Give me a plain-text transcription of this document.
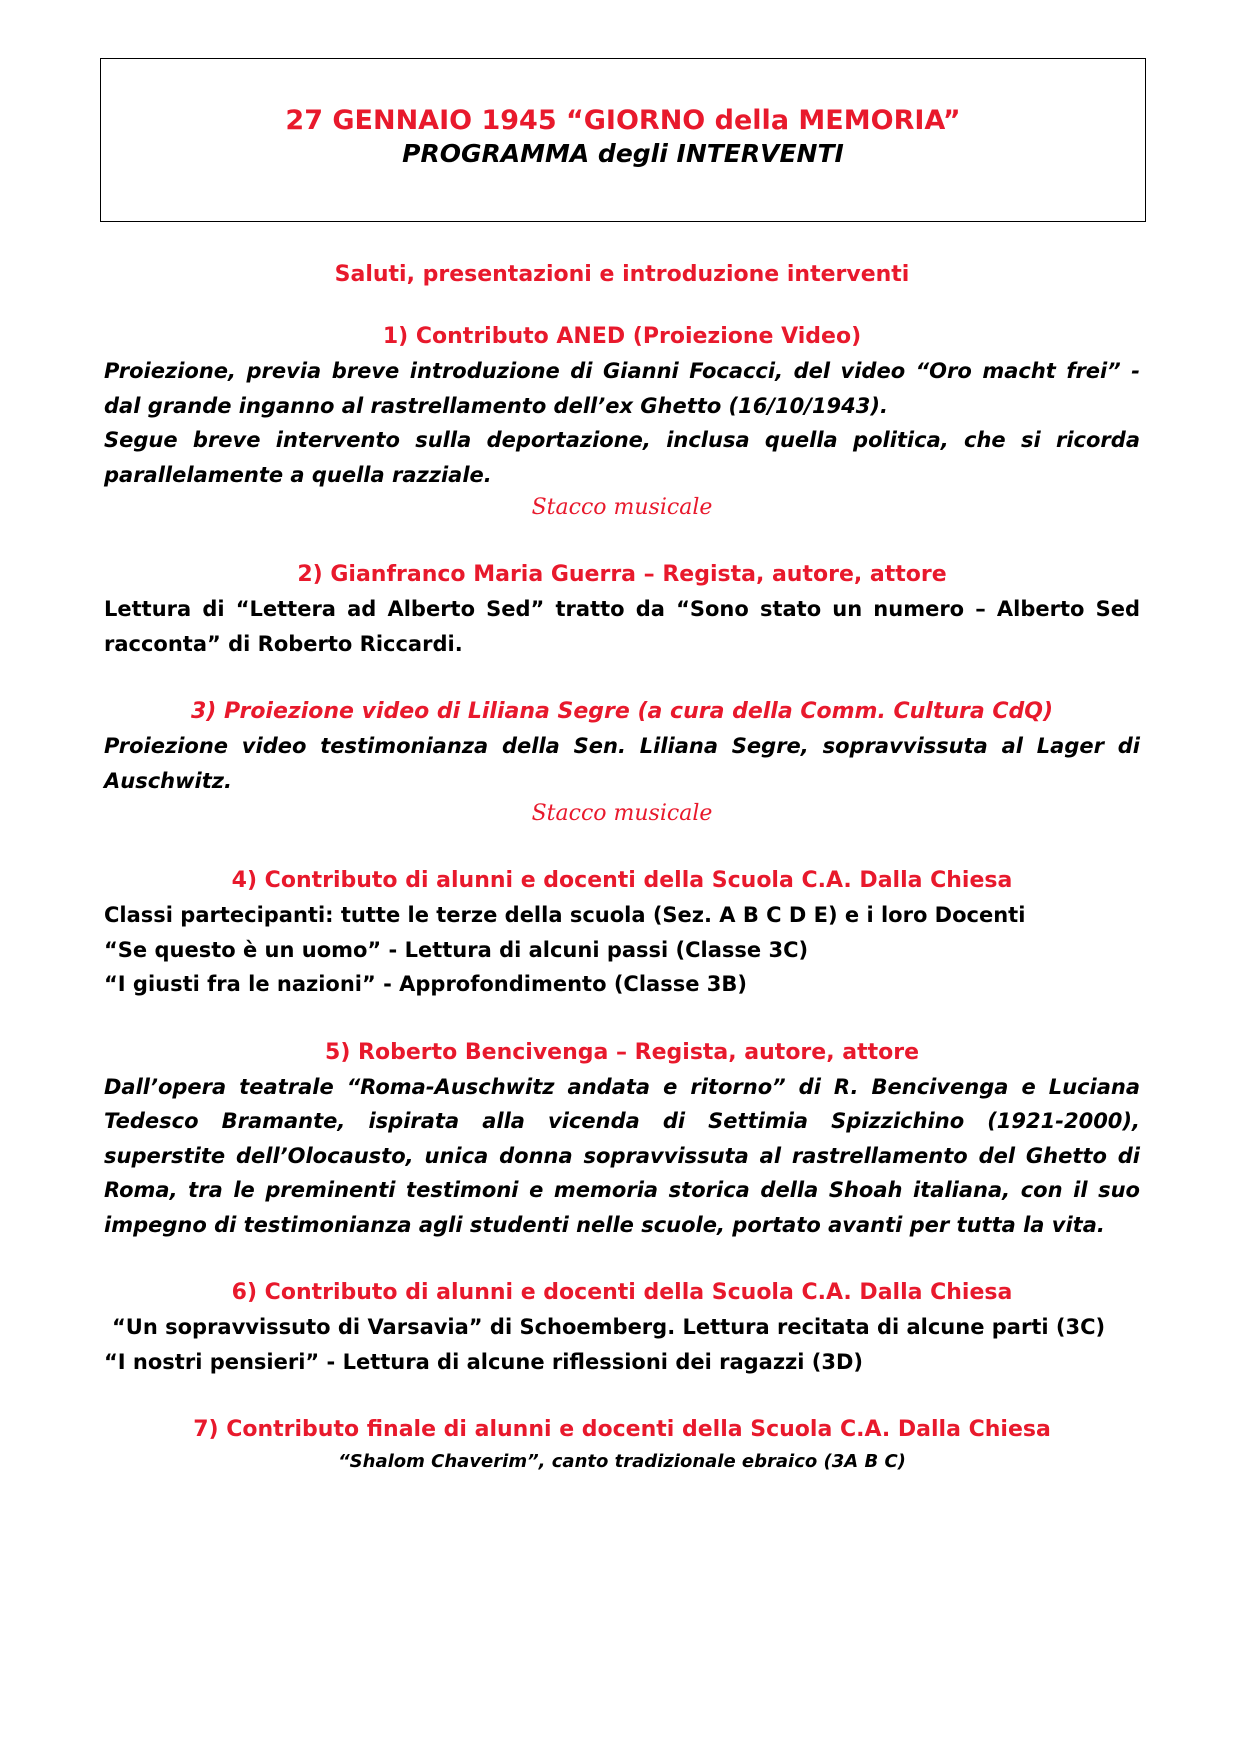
27 GENNAIO 1945 “GIORNO della MEMORIA”
PROGRAMMA degli INTERVENTI
Saluti, presentazioni e introduzione interventi
1) Contributo ANED (Proiezione Video)
Proiezione, previa breve introduzione di Gianni Focacci, del video “Oro macht frei” - dal grande inganno al rastrellamento dell’ex Ghetto (16/10/1943).
Segue breve intervento sulla deportazione, inclusa quella politica, che si ricorda parallelamente a quella razziale.
Stacco musicale
2) Gianfranco Maria Guerra – Regista, autore, attore
Lettura di “Lettera ad Alberto Sed” tratto da “Sono stato un numero – Alberto Sed racconta” di Roberto Riccardi.
3) Proiezione video di Liliana Segre (a cura della Comm. Cultura CdQ)
Proiezione video testimonianza della Sen. Liliana Segre, sopravvissuta al Lager di Auschwitz.
Stacco musicale
4) Contributo di alunni e docenti della Scuola C.A. Dalla Chiesa
Classi partecipanti: tutte le terze della scuola (Sez. A B C D E) e i loro Docenti
“Se questo è un uomo” - Lettura di alcuni passi (Classe 3C)
“I giusti fra le nazioni” - Approfondimento (Classe 3B)
5) Roberto Bencivenga – Regista, autore, attore
Dall’opera teatrale “Roma-Auschwitz andata e ritorno” di R. Bencivenga e Luciana Tedesco Bramante, ispirata alla vicenda di Settimia Spizzichino (1921-2000), superstite dell’Olocausto, unica donna sopravvissuta al rastrellamento del Ghetto di Roma, tra le preminenti testimoni e memoria storica della Shoah italiana, con il suo impegno di testimonianza agli studenti nelle scuole, portato avanti per tutta la vita.
6) Contributo di alunni e docenti della Scuola C.A. Dalla Chiesa
“Un sopravvissuto di Varsavia” di Schoemberg. Lettura recitata di alcune parti (3C)
“I nostri pensieri” - Lettura di alcune riflessioni dei ragazzi (3D)
7) Contributo finale di alunni e docenti della Scuola C.A. Dalla Chiesa
“Shalom Chaverim”, canto tradizionale ebraico (3A B C)
